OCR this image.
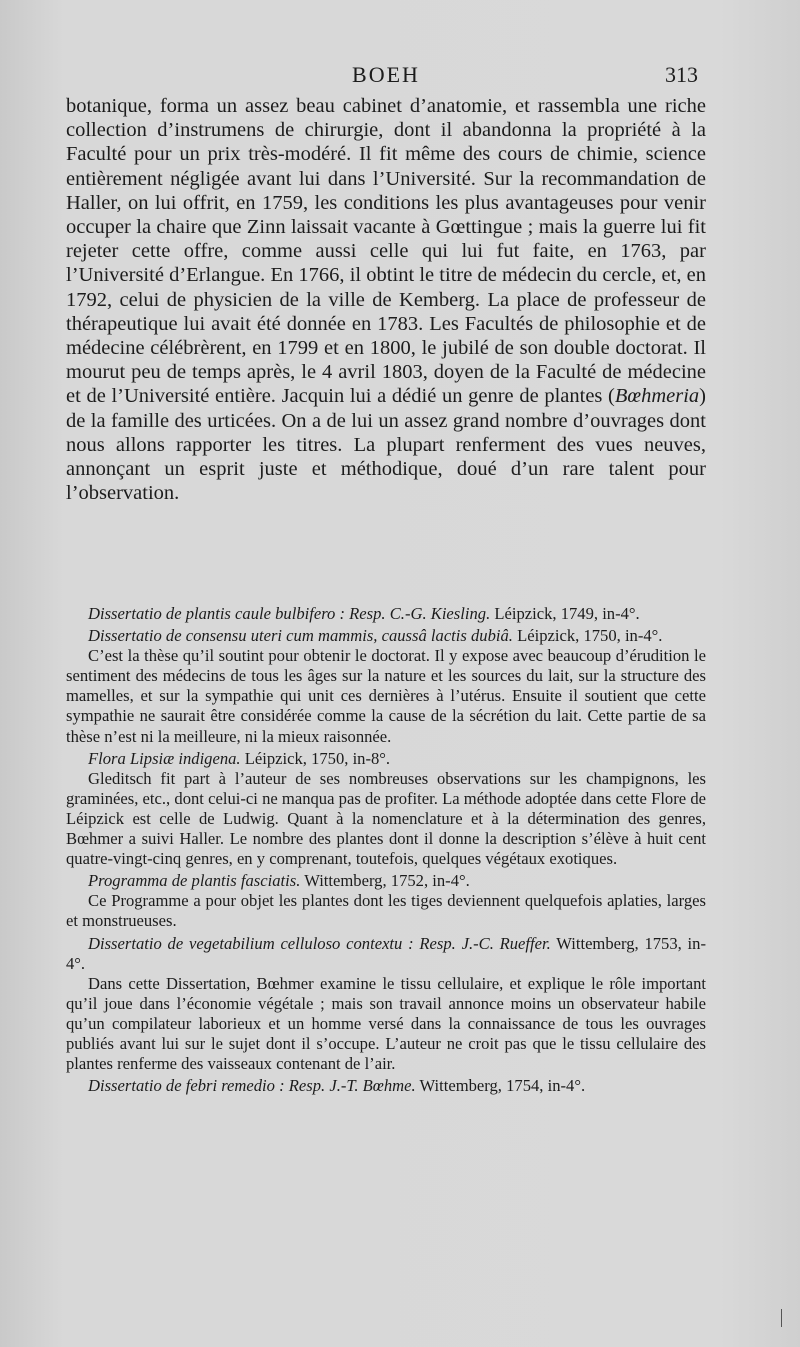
BOEH	313

botanique, forma un assez beau cabinet d’anatomie, et rassembla une riche collection d’instrumens de chirurgie, dont il abandonna la propriété à la Faculté pour un prix très-modéré. Il fit même des cours de chimie, science entièrement négligée avant lui dans l’Université. Sur la recommandation de Haller, on lui offrit, en 1759, les conditions les plus avantageuses pour venir occuper la chaire que Zinn laissait vacante à Gœttingue ; mais la guerre lui fit rejeter cette offre, comme aussi celle qui lui fut faite, en 1763, par l’Université d’Erlangue. En 1766, il obtint le titre de médecin du cercle, et, en 1792, celui de physicien de la ville de Kemberg. La place de professeur de thérapeutique lui avait été donnée en 1783. Les Facultés de philosophie et de médecine célébrèrent, en 1799 et en 1800, le jubilé de son double doctorat. Il mourut peu de temps après, le 4 avril 1803, doyen de la Faculté de médecine et de l’Université entière. Jacquin lui a dédié un genre de plantes (Bœhmeria) de la famille des urticées. On a de lui un assez grand nombre d’ouvrages dont nous allons rapporter les titres. La plupart renferment des vues neuves, annonçant un esprit juste et méthodique, doué d’un rare talent pour l’observation.

Dissertatio de plantis caule bulbifero : Resp. C.-G. Kiesling. Léipzick, 1749, in-4°.

Dissertatio de consensu uteri cum mammis, caussâ lactis dubiâ. Léipzick, 1750, in-4°.

C’est la thèse qu’il soutint pour obtenir le doctorat. Il y expose avec beaucoup d’érudition le sentiment des médecins de tous les âges sur la nature et les sources du lait, sur la structure des mamelles, et sur la sympathie qui unit ces dernières à l’utérus. Ensuite il soutient que cette sympathie ne saurait être considérée comme la cause de la sécrétion du lait. Cette partie de sa thèse n’est ni la meilleure, ni la mieux raisonnée.

Flora Lipsiæ indigena. Léipzick, 1750, in-8°.

Gleditsch fit part à l’auteur de ses nombreuses observations sur les champignons, les graminées, etc., dont celui-ci ne manqua pas de profiter. La méthode adoptée dans cette Flore de Léipzick est celle de Ludwig. Quant à la nomenclature et à la détermination des genres, Bœhmer a suivi Haller. Le nombre des plantes dont il donne la description s’élève à huit cent quatre-vingt-cinq genres, en y comprenant, toutefois, quelques végétaux exotiques.

Programma de plantis fasciatis. Wittemberg, 1752, in-4°.

Ce Programme a pour objet les plantes dont les tiges deviennent quelquefois aplaties, larges et monstrueuses.

Dissertatio de vegetabilium celluloso contextu : Resp. J.-C. Rueffer. Wittemberg, 1753, in-4°.

Dans cette Dissertation, Bœhmer examine le tissu cellulaire, et explique le rôle important qu’il joue dans l’économie végétale ; mais son travail annonce moins un observateur habile qu’un compilateur laborieux et un homme versé dans la connaissance de tous les ouvrages publiés avant lui sur le sujet dont il s’occupe. L’auteur ne croit pas que le tissu cellulaire des plantes renferme des vaisseaux contenant de l’air.

Dissertatio de febri remedio : Resp. J.-T. Bœhme. Wittemberg, 1754, in-4°.
